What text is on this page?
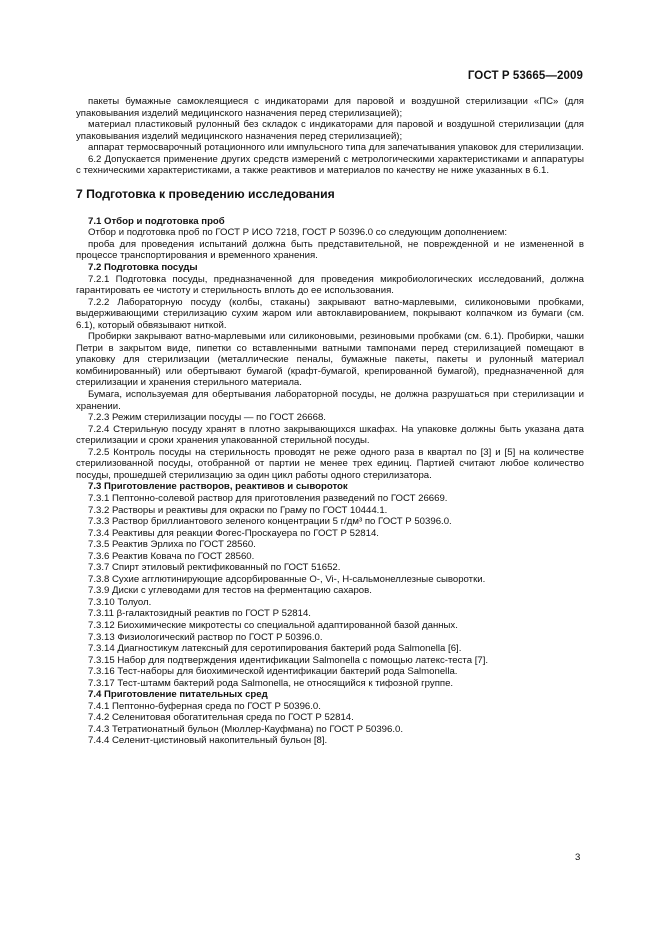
ГОСТ Р 53665—2009

пакеты бумажные самоклеящиеся с индикаторами для паровой и воздушной стерилизации «ПС» (для упаковывания изделий медицинского назначения перед стерилизацией);

материал пластиковый рулонный без складок с индикаторами для паровой и воздушной стерилизации (для упаковывания изделий медицинского назначения перед стерилизацией);

аппарат термосварочный ротационного или импульсного типа для запечатывания упаковок для стерилизации.

6.2 Допускается применение других средств измерений с метрологическими характеристиками и аппаратуры с техническими характеристиками, а также реактивов и материалов по качеству не ниже указанных в 6.1.

7 Подготовка к проведению исследования
7.1 Отбор и подготовка проб

Отбор и подготовка проб по ГОСТ Р ИСО 7218, ГОСТ Р 50396.0 со следующим дополнением:

проба для проведения испытаний должна быть представительной, не поврежденной и не измененной в процессе транспортирования и временного хранения.

7.2 Подготовка посуды

7.2.1 Подготовка посуды, предназначенной для проведения микробиологических исследований, должна гарантировать ее чистоту и стерильность вплоть до ее использования.

7.2.2 Лабораторную посуду (колбы, стаканы) закрывают ватно-марлевыми, силиконовыми пробками, выдерживающими стерилизацию сухим жаром или автоклавированием, покрывают колпачком из бумаги (см. 6.1), который обвязывают ниткой.

Пробирки закрывают ватно-марлевыми или силиконовыми, резиновыми пробками (см. 6.1). Пробирки, чашки Петри в закрытом виде, пипетки со вставленными ватными тампонами перед стерилизацией помещают в упаковку для стерилизации (металлические пеналы, бумажные пакеты, пакеты и рулонный материал комбинированный) или обертывают бумагой (крафт-бумагой, крепированной бумагой), предназначенной для стерилизации и хранения стерильного материала.

Бумага, используемая для обертывания лабораторной посуды, не должна разрушаться при стерилизации и хранении.

7.2.3 Режим стерилизации посуды — по ГОСТ 26668.

7.2.4 Стерильную посуду хранят в плотно закрывающихся шкафах. На упаковке должны быть указана дата стерилизации и сроки хранения упакованной стерильной посуды.

7.2.5 Контроль посуды на стерильность проводят не реже одного раза в квартал по [3] и [5] на количестве стерилизованной посуды, отобранной от партии не менее трех единиц. Партией считают любое количество посуды, прошедшей стерилизацию за один цикл работы одного стерилизатора.

7.3 Приготовление растворов, реактивов и сывороток
7.3.1 Пептонно-солевой раствор для приготовления разведений по ГОСТ 26669.
7.3.2 Растворы и реактивы для окраски по Граму по ГОСТ 10444.1.
7.3.3 Раствор бриллиантового зеленого концентрации 5 г/дм³ по ГОСТ Р 50396.0.
7.3.4 Реактивы для реакции Фогес-Проскауера по ГОСТ Р 52814.
7.3.5 Реактив Эрлиха по ГОСТ 28560.
7.3.6 Реактив Ковача по ГОСТ 28560.
7.3.7 Спирт этиловый ректификованный по ГОСТ 51652.
7.3.8 Сухие агглютинирующие адсорбированные О-, Vi-, Н-сальмонеллезные сыворотки.
7.3.9 Диски с углеводами для тестов на ферментацию сахаров.
7.3.10 Толуол.
7.3.11 β-галактозидный реактив по ГОСТ Р 52814.
7.3.12 Биохимические микротесты со специальной адаптированной базой данных.
7.3.13 Физиологический раствор по ГОСТ Р 50396.0.
7.3.14 Диагностикум латексный для серотипирования бактерий рода Salmonella [6].
7.3.15 Набор для подтверждения идентификации Salmonella с помощью латекс-теста [7].
7.3.16 Тест-наборы для биохимической идентификации бактерий рода Salmonella.
7.3.17 Тест-штамм бактерий рода Salmonella, не относящийся к тифозной группе.
7.4 Приготовление питательных сред
7.4.1 Пептонно-буферная среда по ГОСТ Р 50396.0.
7.4.2 Селенитовая обогатительная среда по ГОСТ Р 52814.
7.4.3 Тетратионатный бульон (Мюллер-Кауфмана) по ГОСТ Р 50396.0.
7.4.4 Селенит-цистиновый накопительный бульон [8].
3
